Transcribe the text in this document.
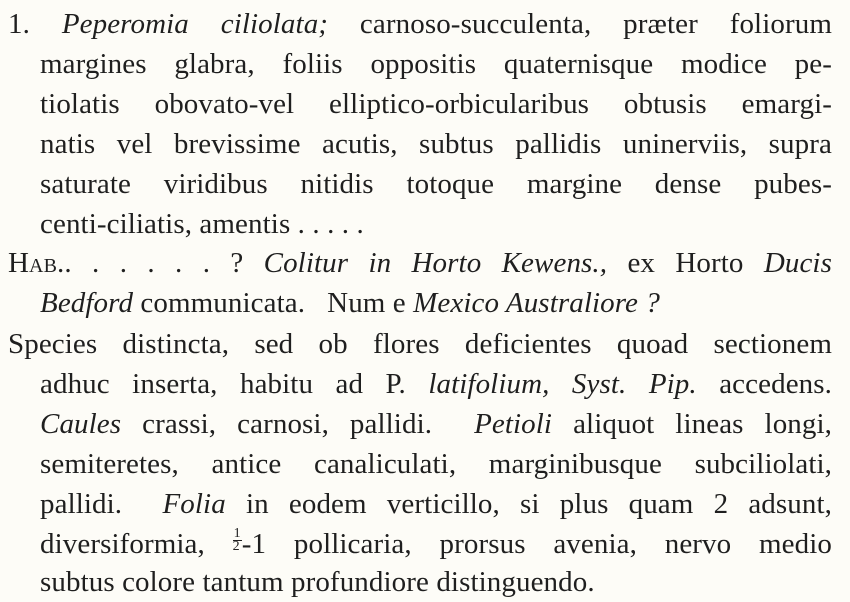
1. Peperomia ciliolata; carnoso-succulenta, præter foliorum
margines glabra, foliis oppositis quaternisque modice pe-
tiolatis obovato-vel elliptico-orbicularibus obtusis emargi-
natis vel brevissime acutis, subtus pallidis uninerviis, supra
saturate viridibus nitidis totoque margine dense pubes-
centi-ciliatis, amentis . . . . .
Hab.. . . . . . ? Colitur in Horto Kewens., ex Horto Ducis
Bedford communicata. Num e Mexico Australiore ?
Species distincta, sed ob flores deficientes quoad sectionem
adhuc inserta, habitu ad P. latifolium, Syst. Pip. accedens.
Caules crassi, carnosi, pallidi. Petioli aliquot lineas longi,
semiteretes, antice canaliculati, marginibusque subciliolati,
pallidi. Folia in eodem verticillo, si plus quam 2 adsunt,
diversiformia, $\frac{1}{2} -1$ pollicaria, prorsus avenia, nervo medio
subtus colore tantum profundiore distinguendo.
